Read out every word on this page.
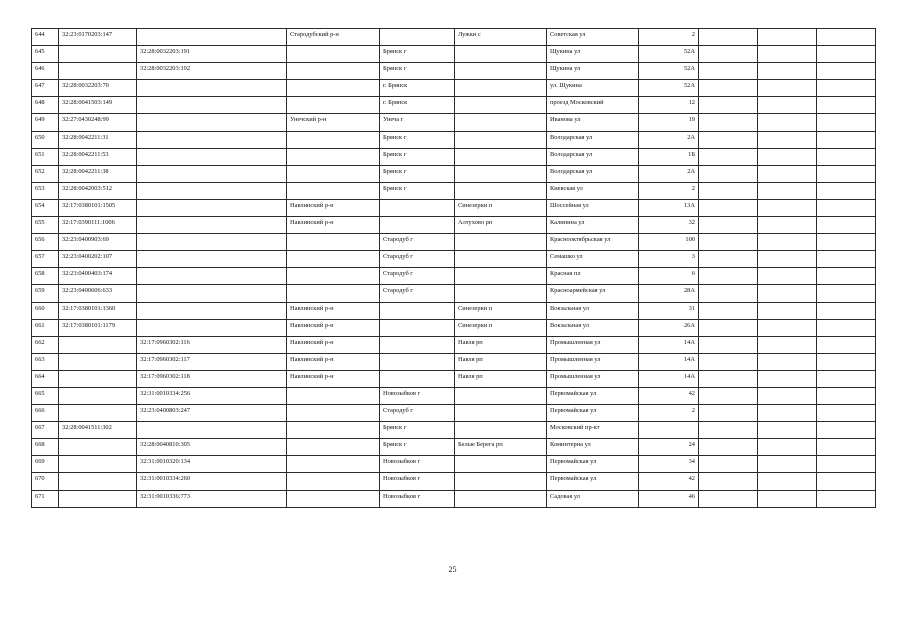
644	32:23:0170203:147		Стародубский р-н		Лужки с	Советская ул	2			
645		32:28:0032203:191		Брянск г		Щукина ул	52А			
646		32:28:0032203:192		Брянск г		Щукина ул	52А			
647	32:28:0032203:70			г. Брянск		ул. Щукина	52А			
648	32:28:0041503:149			г. Брянск		проезд Московский	12			
649	32:27:0430248:99		Унечский р-н	Унеча г		Иванова ул	19			
650	32:28:0042211:31			Брянск г		Володарская ул	2А			
651	32:28:0042211:53			Брянск г		Володарская ул	1Б			
652	32:28:0042211:38			Брянск г		Володарская ул	2А			
653	32:28:0042003:512			Брянск г		Киевская ул	2			
654	32:17:0380101:1505		Навлинский р-н		Синезерки п	Шоссейная ул	13А			
655	32:17:0390111:1006		Навлинский р-н		Алтухово рп	Калинина ул	32			
656	32:23:0400903:69			Стародуб г		Краснооктябрьская ул	100			
657	32:23:0400202:107			Стародуб г		Семашко ул	3			
658	32:23:0400403:174			Стародуб г		Красная пл	6			
659	32:23:0400606:633			Стародуб г		Красноармейская ул	28А			
660	32:17:0380101:1360		Навлинский р-н		Синезерки п	Вокзальная ул	31			
661	32:17:0380101:1179		Навлинский р-н		Синезерки п	Вокзальная ул	26А			
662		32:17:0960302:116	Навлинский р-н		Навля рп	Промышленная ул	14А			
663		32:17:0960302:117	Навлинский р-н		Навля рп	Промышленная ул	14А			
664		32:17:0960302:118	Навлинский р-н		Навля рп	Промышленная ул	14А			
665		32:31:0010334:256		Новозыбков г		Первомайская ул	42			
666		32:23:0400803:247		Стародуб г		Первомайская ул	2			
667	32:28:0041511:302			Брянск г		Московский пр-кт				
668		32:28:0040810:305		Брянск г	Белые Берега рп	Коминтерна ул	24			
669		32:31:0010320:134		Новозыбков г		Первомайская ул	34			
670		32:31:0010334:260		Новозыбков г		Первомайская ул	42			
671		32:31:0010336:773		Новозыбков г		Садовая ул	46			
25
